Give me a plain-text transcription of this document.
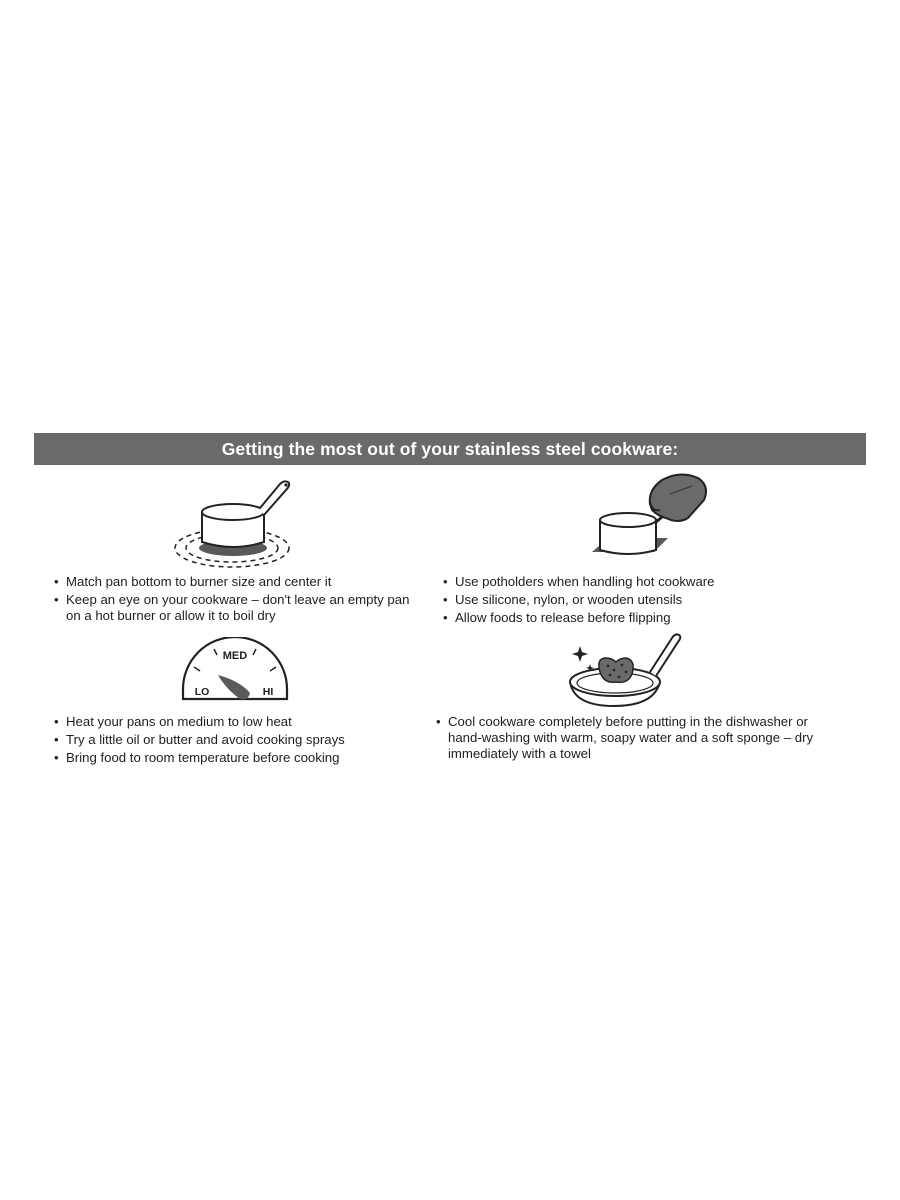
Getting the most out of your stainless steel cookware:
• Match pan bottom to burner size and center it
• Keep an eye on your cookware – don't leave an empty pan on a hot burner or allow it to boil dry
• Use potholders when handling hot cookware
• Use silicone, nylon, or wooden utensils
• Allow foods to release before flipping
MED
LO	HI
• Heat your pans on medium to low heat
• Try a little oil or butter and avoid cooking sprays
• Bring food to room temperature before cooking
• Cool cookware completely before putting in the dishwasher or hand-washing with warm, soapy water and a soft sponge – dry immediately with a towel
